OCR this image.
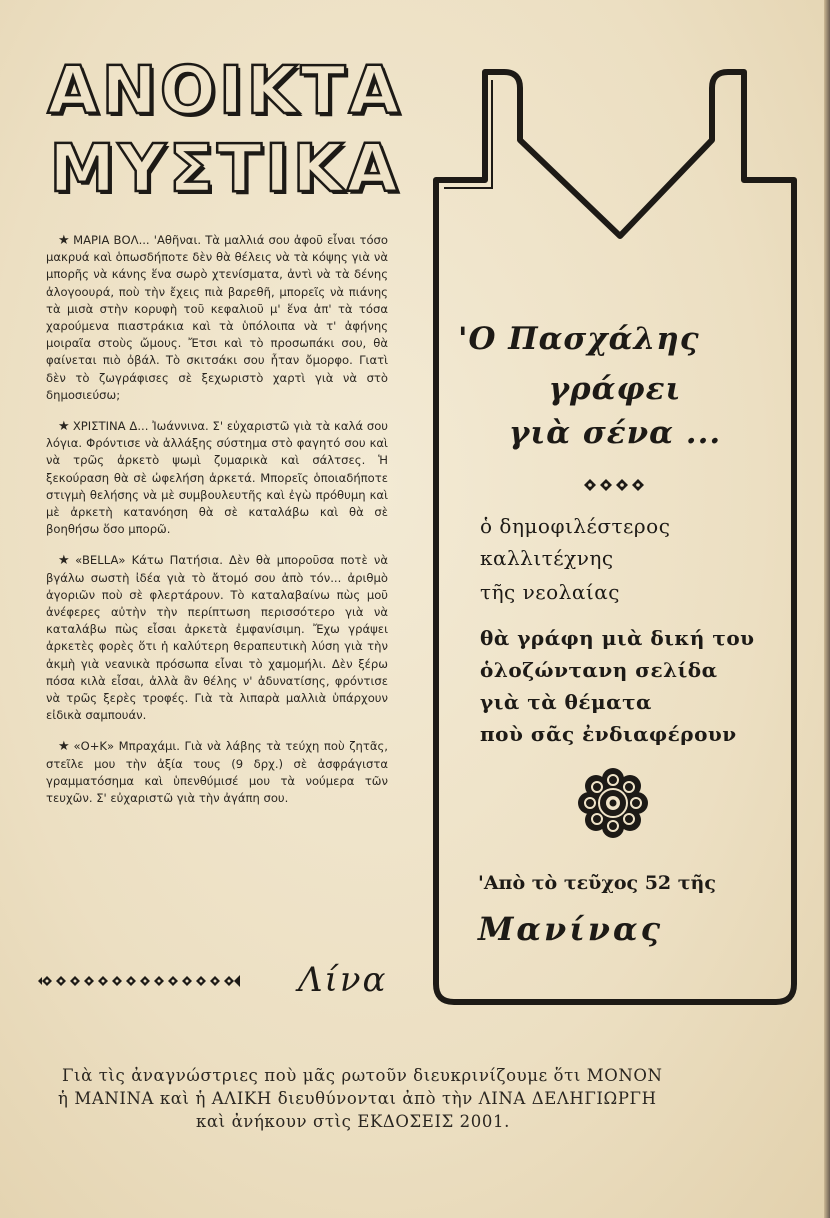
ΑΝΟΙΚΤΑ
ΜΥΣΤΙΚΑ

★ ΜΑΡΙΑ ΒΟΛ... 'Αθῆναι. Τὰ μαλλιά σου ἀφοῦ εἶναι τόσο μακρυά καὶ ὁπωσδήποτε δὲν θὰ θέλεις νὰ τὰ κόψης γιὰ νὰ μπορῆς νὰ κάνης ἕνα σωρὸ χτενίσματα, ἀντὶ νὰ τὰ δένης ἀλογοουρά, ποὺ τὴν ἔχεις πιὰ βαρεθῆ, μπορεῖς νὰ πιάνης τὰ μισὰ στὴν κορυφὴ τοῦ κεφαλιοῦ μ' ἕνα ἀπ' τὰ τόσα χαρούμενα πιαστράκια καὶ τὰ ὑπόλοιπα νὰ τ' ἀφήνης μοιραῖα στοὺς ὤμους. Ἔτσι καὶ τὸ προσωπάκι σου, θὰ φαίνεται πιὸ ὀβάλ. Τὸ σκιτσάκι σου ἦταν ὄμορφο. Γιατὶ δὲν τὸ ζωγράφισες σὲ ξεχωριστὸ χαρτὶ γιὰ νὰ στὸ δημοσιεύσω;

★ ΧΡΙΣΤΙΝΑ Δ... Ἰωάννινα. Σ' εὐχαριστῶ γιὰ τὰ καλά σου λόγια. Φρόντισε νὰ ἀλλάξης σύστημα στὸ φαγητό σου καὶ νὰ τρῶς ἀρκετὸ ψωμὶ ζυμαρικὰ καὶ σάλτσες. Ἡ ξεκούραση θὰ σὲ ὠφελήση ἀρκετά. Μπορεῖς ὁποιαδήποτε στιγμὴ θελήσης νὰ μὲ συμβουλευτῆς καὶ ἐγὼ πρόθυμη καὶ μὲ ἀρκετὴ κατανόηση θὰ σὲ καταλάβω καὶ θὰ σὲ βοηθήσω ὅσο μπορῶ.

★ «BELLA» Κάτω Πατήσια. Δὲν θὰ μποροῦσα ποτὲ νὰ βγάλω σωστὴ ἰδέα γιὰ τὸ ἄτομό σου ἀπὸ τόν... ἀριθμὸ ἀγοριῶν ποὺ σὲ φλερτάρουν. Τὸ καταλαβαίνω πὼς μοῦ ἀνέφερες αὐτὴν τὴν περίπτωση περισσότερο γιὰ νὰ καταλάβω πὼς εἶσαι ἀρκετὰ ἐμφανίσιμη. Ἔχω γράψει ἀρκετὲς φορὲς ὅτι ἡ καλύτερη θεραπευτικὴ λύση γιὰ τὴν ἀκμὴ γιὰ νεανικὰ πρόσωπα εἶναι τὸ χαμομήλι. Δὲν ξέρω πόσα κιλὰ εἶσαι, ἀλλὰ ἂν θέλης ν' ἀδυνατίσης, φρόντισε νὰ τρῶς ξερὲς τροφές. Γιὰ τὰ λιπαρὰ μαλλιὰ ὑπάρχουν εἰδικὰ σαμπουάν.

★ «Ο+Κ» Μπραχάμι. Γιὰ νὰ λάβης τὰ τεύχη ποὺ ζητᾶς, στεῖλε μου τὴν ἀξία τους (9 δρχ.) σὲ ἀσφράγιστα γραμματόσημα καὶ ὑπενθύμισέ μου τὰ νούμερα τῶν τευχῶν. Σ' εὐχαριστῶ γιὰ τὴν ἀγάπη σου.

Λίνα
'Ο Πασχάλης
γράφει
γιὰ σένα ...
ὁ δημοφιλέστερος
καλλιτέχνης
τῆς νεολαίας
θὰ γράφη μιὰ δική του
ὁλοζώντανη σελίδα
γιὰ τὰ θέματα
ποὺ σᾶς ἐνδιαφέρουν
'Απὸ τὸ τεῦχος 52 τῆς
Μανίνας
Γιὰ τὶς ἀναγνώστριες ποὺ μᾶς ρωτοῦν διευκρινίζουμε ὅτι ΜΟΝΟΝ
ἡ ΜΑΝΙΝΑ καὶ ἡ ΑΛΙΚΗ διευθύνονται ἀπὸ τὴν ΛΙΝΑ ΔΕΛΗΓΙΩΡΓΗ
καὶ ἀνήκουν στὶς ΕΚΔΟΣΕΙΣ 2001.
